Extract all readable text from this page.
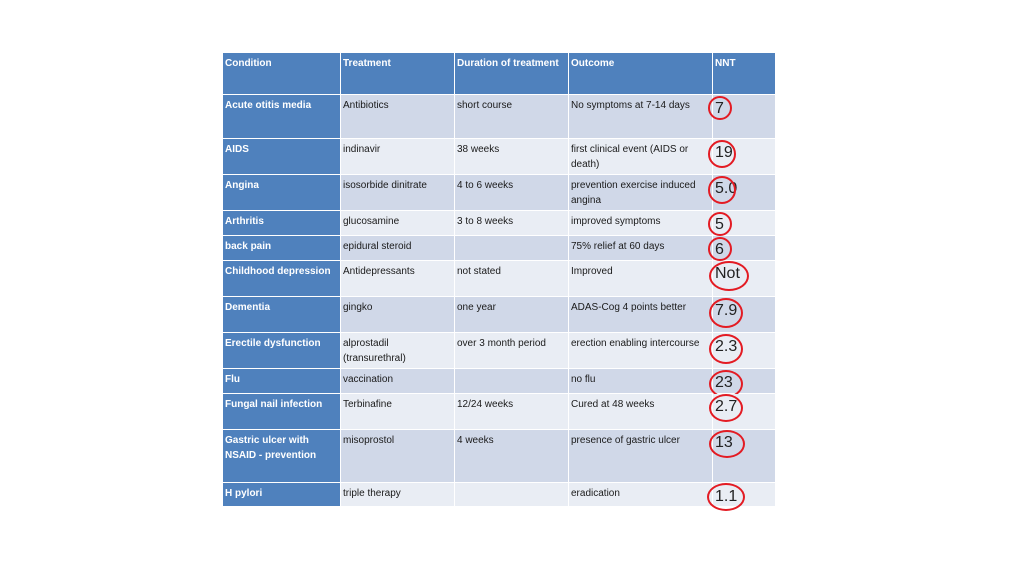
Condition	Treatment	Duration of treatment	Outcome	NNT
Acute otitis media	Antibiotics	short course	No symptoms at 7-14 days	7

AIDS	indinavir	38 weeks	first clinical event (AIDS or death)	19

Angina	isosorbide dinitrate	4 to 6 weeks	prevention exercise induced angina	5.0

Arthritis	glucosamine	3 to 8 weeks	improved symptoms	5

back pain	epidural steroid		75% relief at 60 days	6

Childhood depression	Antidepressants	not stated	Improved	Not

Dementia	gingko	one year	ADAS-Cog 4 points better	7.9

Erectile dysfunction	alprostadil (transurethral)	over 3 month period	erection enabling intercourse	2.3

Flu	vaccination		no flu	23

Fungal nail infection	Terbinafine	12/24 weeks	Cured at 48 weeks	2.7

Gastric ulcer with NSAID - prevention	misoprostol	4 weeks	presence of gastric ulcer	13

H pylori	triple therapy		eradication	1.1
